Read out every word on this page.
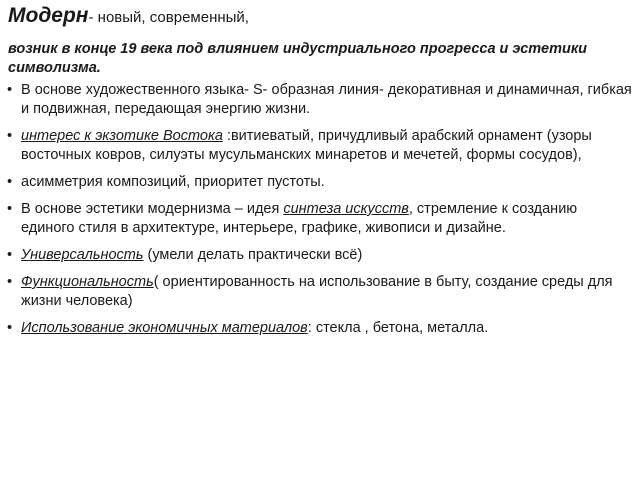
Модерн- новый, современный,
возник в конце 19 века под влиянием индустриального прогресса и эстетики символизма.
• В основе художественного языка- S- образная линия- декоративная и динамичная, гибкая и подвижная, передающая энергию жизни.
• интерес к экзотике Востока :витиеватый, причудливый арабский орнамент (узоры восточных ковров, силуэты мусульманских минаретов и мечетей, формы сосудов),
• асимметрия композиций, приоритет пустоты.
• В основе эстетики модернизма – идея синтеза искусств, стремление к созданию единого стиля в архитектуре, интерьере, графике, живописи и дизайне.
• Универсальность (умели делать практически всё)
• Функциональность( ориентированность на использование в быту, создание среды для жизни человека)
• Использование экономичных материалов: стекла , бетона, металла.
